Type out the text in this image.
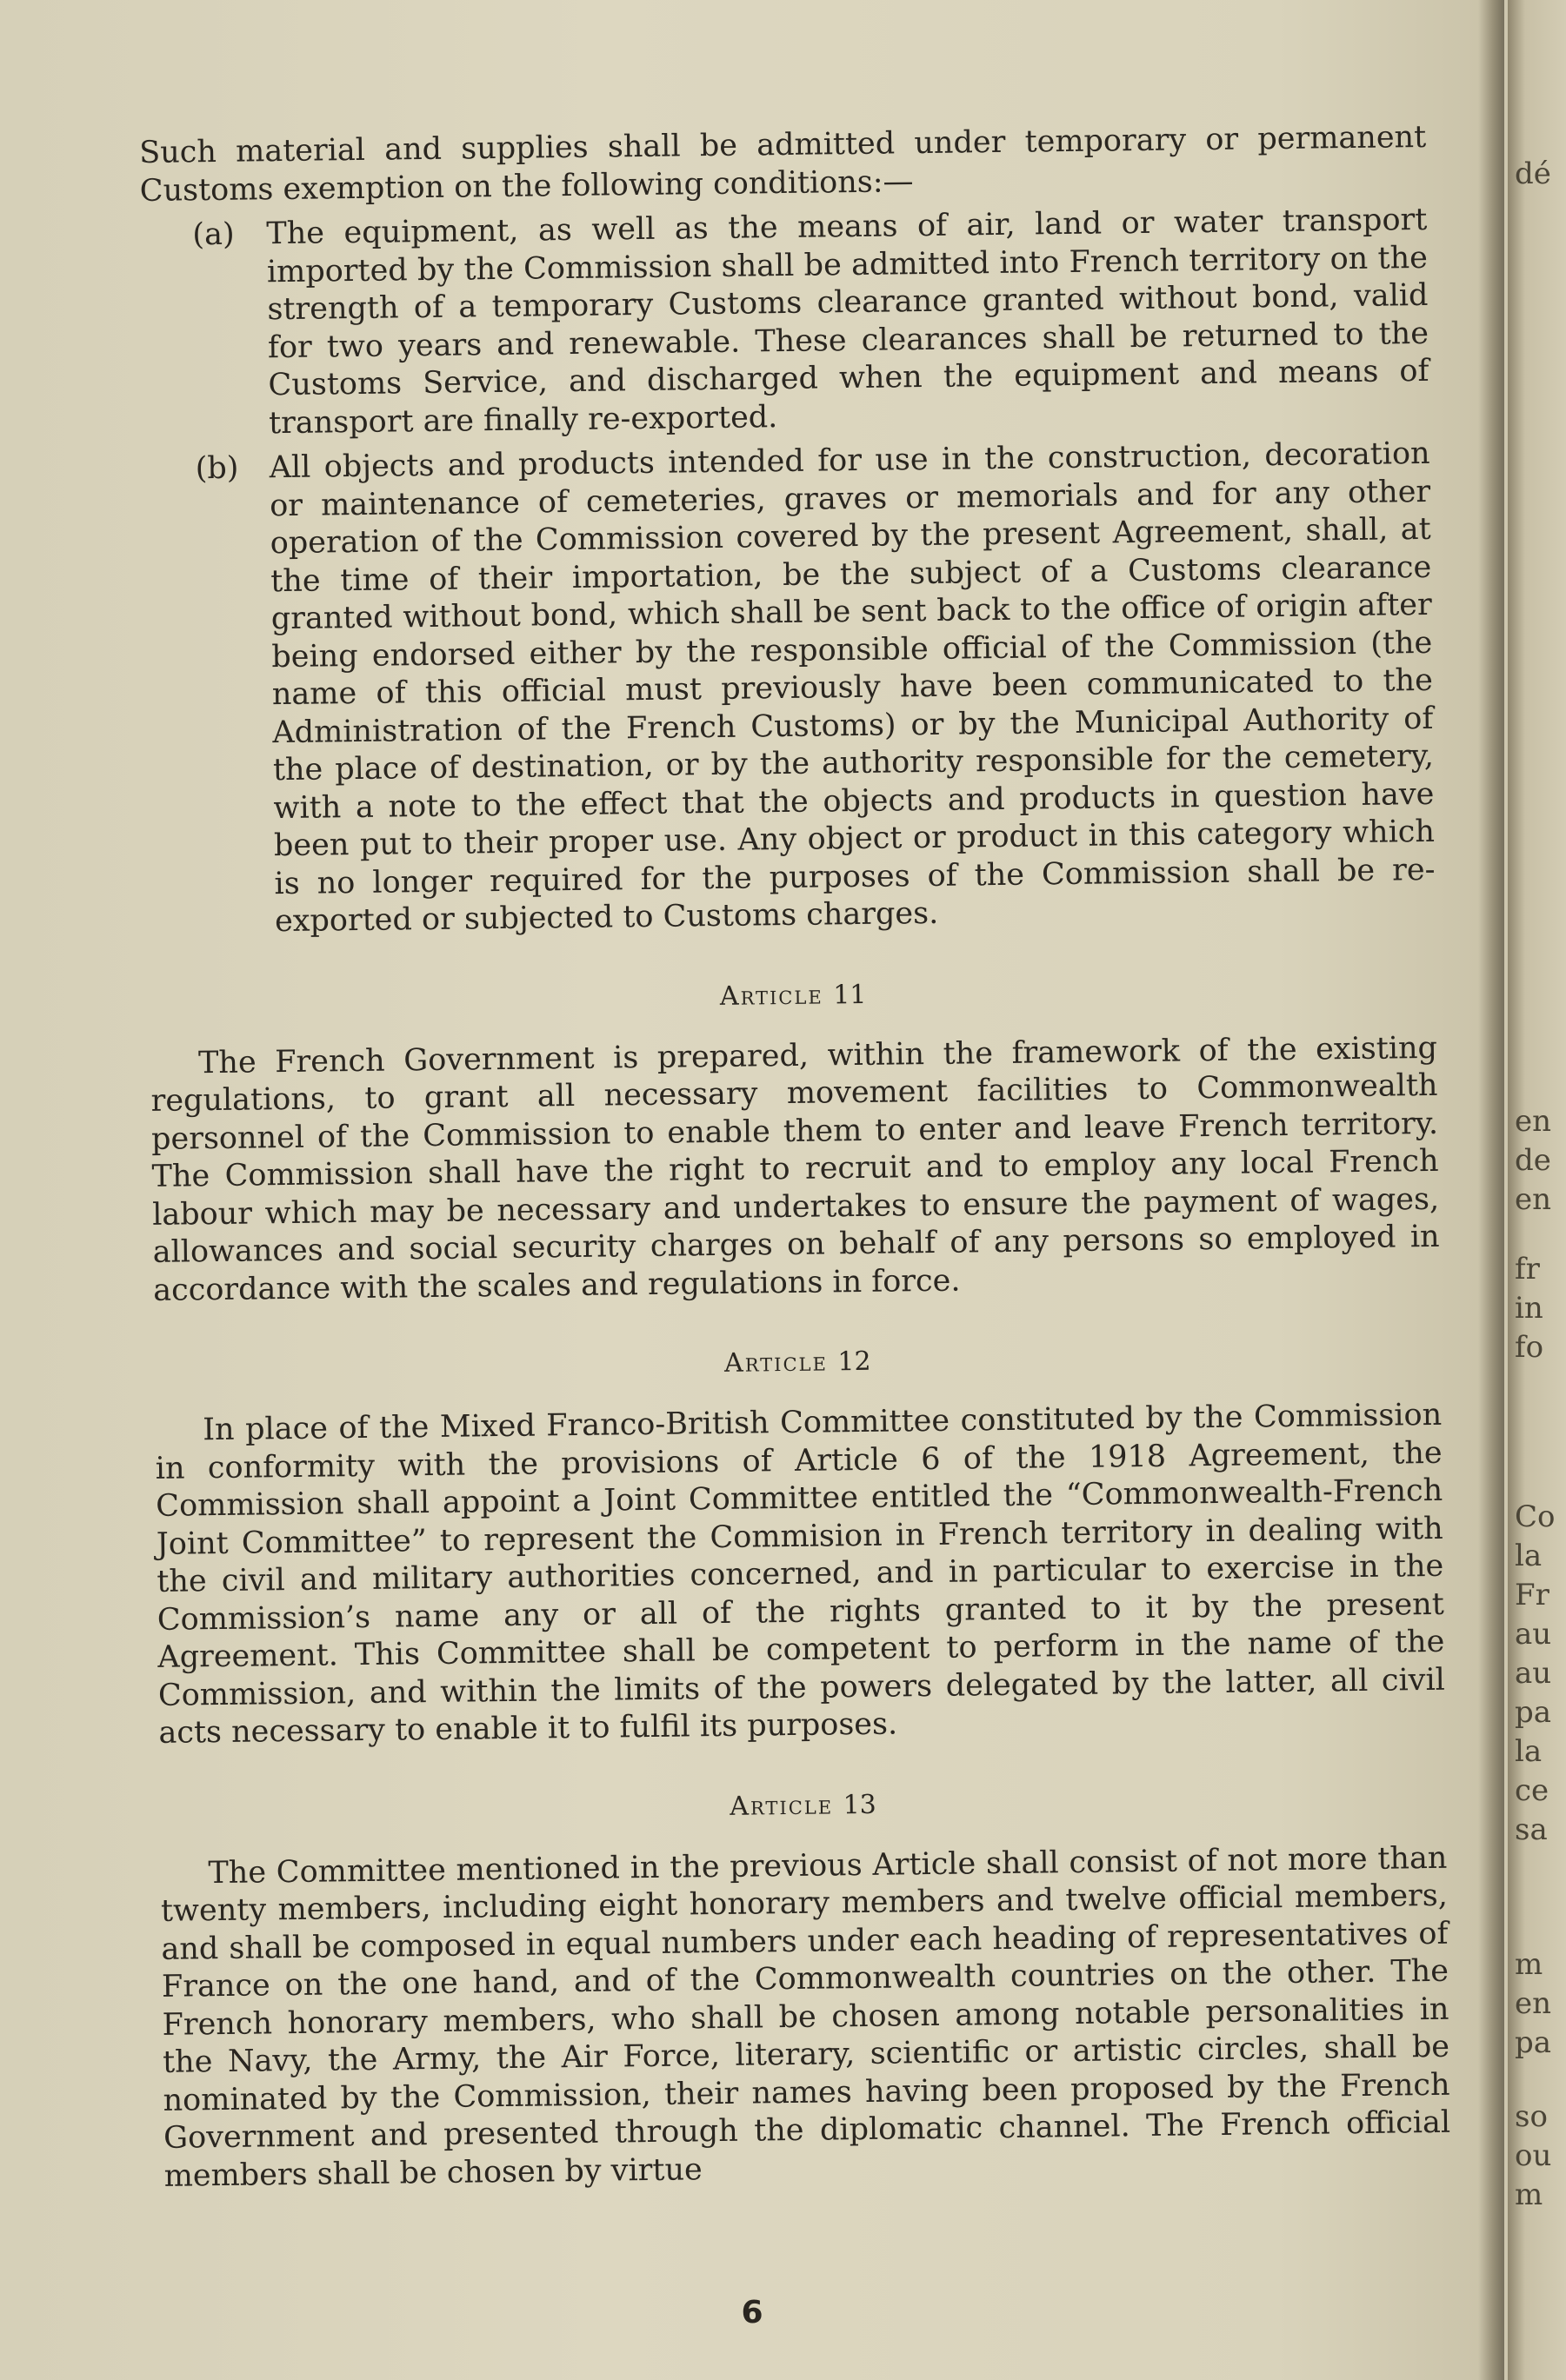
Such material and supplies shall be admitted under temporary or permanent Customs exemption on the following conditions:—

(a) The equipment, as well as the means of air, land or water transport imported by the Commission shall be admitted into French territory on the strength of a temporary Customs clearance granted without bond, valid for two years and renewable. These clearances shall be returned to the Customs Service, and discharged when the equipment and means of transport are finally re-exported.
(b) All objects and products intended for use in the construction, decoration or maintenance of cemeteries, graves or memorials and for any other operation of the Commission covered by the present Agreement, shall, at the time of their importation, be the subject of a Customs clearance granted without bond, which shall be sent back to the office of origin after being endorsed either by the responsible official of the Commission (the name of this official must previously have been communicated to the Administration of the French Customs) or by the Municipal Authority of the place of destination, or by the authority responsible for the cemetery, with a note to the effect that the objects and products in question have been put to their proper use. Any object or product in this category which is no longer required for the purposes of the Commission shall be re-exported or subjected to Customs charges.
Article 11

The French Government is prepared, within the framework of the existing regulations, to grant all necessary movement facilities to Commonwealth personnel of the Commission to enable them to enter and leave French territory. The Commission shall have the right to recruit and to employ any local French labour which may be necessary and undertakes to ensure the payment of wages, allowances and social security charges on behalf of any persons so employed in accordance with the scales and regulations in force.

Article 12

In place of the Mixed Franco-British Committee constituted by the Commission in conformity with the provisions of Article 6 of the 1918 Agreement, the Commission shall appoint a Joint Committee entitled the “Commonwealth-French Joint Committee” to represent the Commision in French territory in dealing with the civil and military authorities concerned, and in particular to exercise in the Commission’s name any or all of the rights granted to it by the present Agreement. This Committee shall be competent to perform in the name of the Commission, and within the limits of the powers delegated by the latter, all civil acts necessary to enable it to fulfil its purposes.

Article 13

The Committee mentioned in the previous Article shall consist of not more than twenty members, including eight honorary members and twelve official members, and shall be composed in equal numbers under each heading of representatives of France on the one hand, and of the Commonwealth countries on the other. The French honorary members, who shall be chosen among notable personalities in the Navy, the Army, the Air Force, literary, scientific or artistic circles, shall be nominated by the Commission, their names having been proposed by the French Government and presented through the diplomatic channel. The French official members shall be chosen by virtue

6
dé
en
de
en
fr
in
fo
Co
la
Fr
au
au
pa
la
ce
sa
m
en
pa
so
ou
m
